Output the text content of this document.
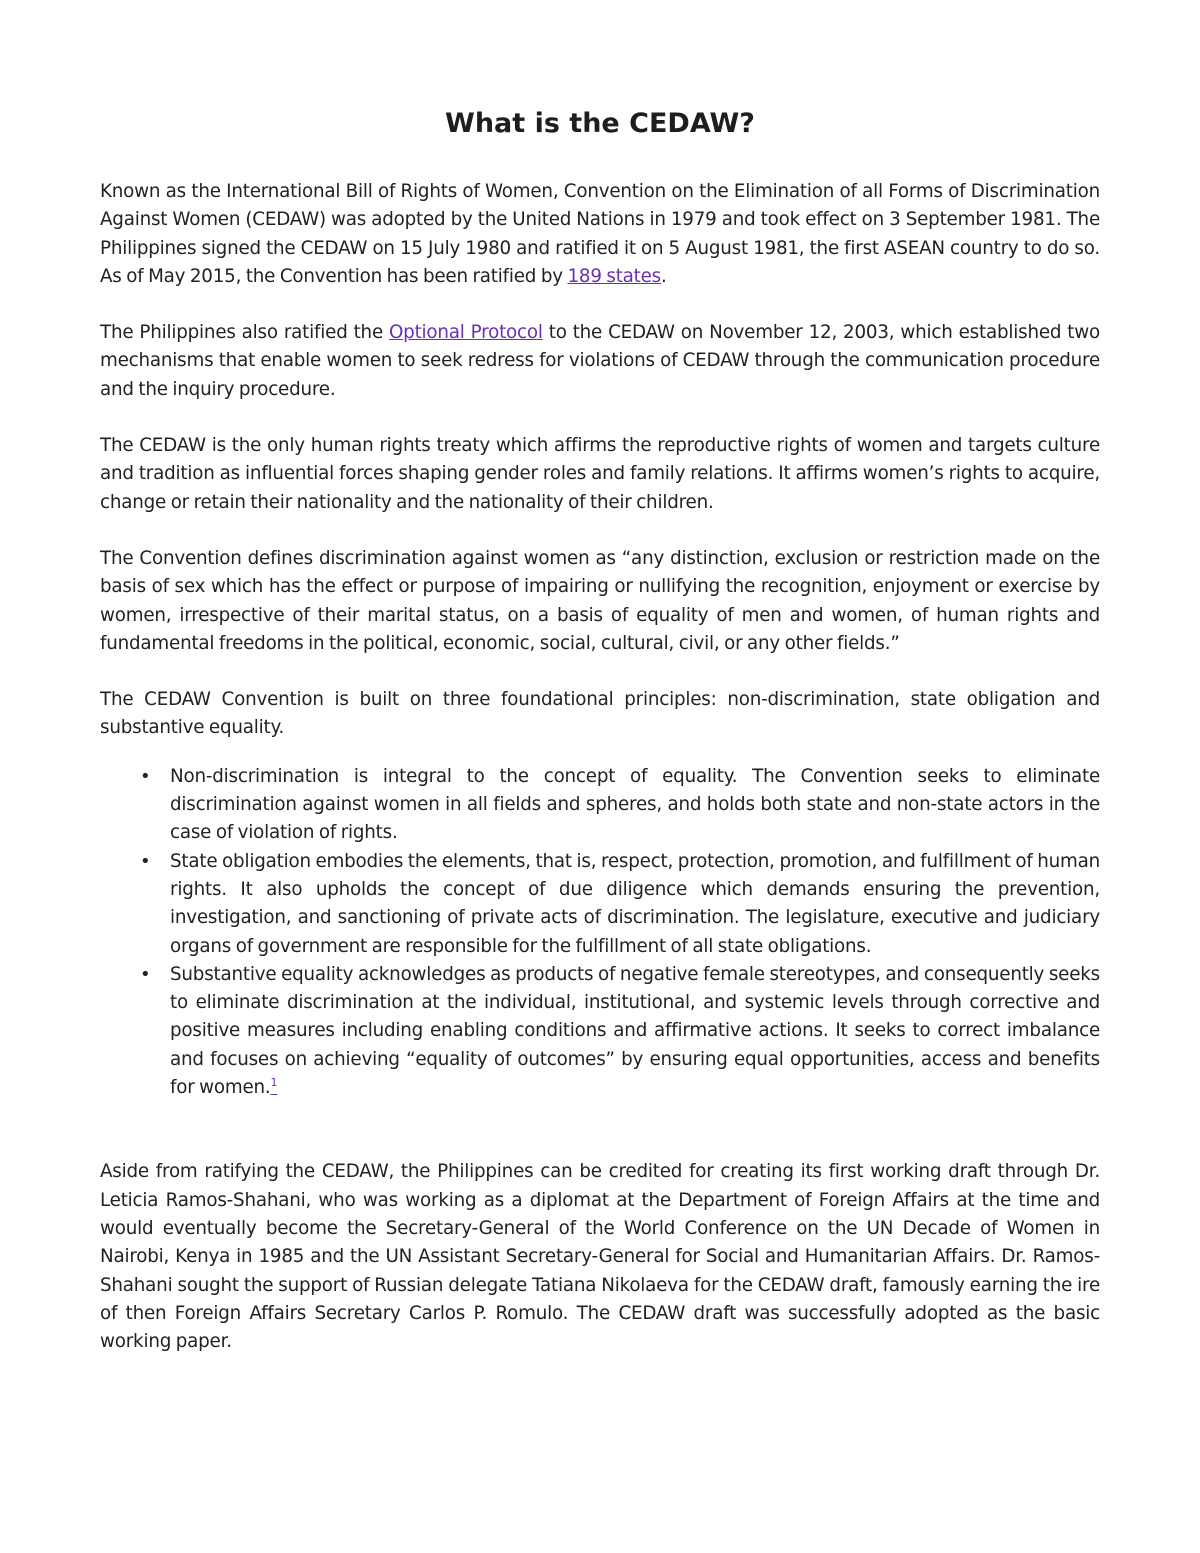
What is the CEDAW?

Known as the International Bill of Rights of Women, Convention on the Elimination of all Forms of Discrimination Against Women (CEDAW) was adopted by the United Nations in 1979 and took effect on 3 September 1981. The Philippines signed the CEDAW on 15 July 1980 and ratified it on 5 August 1981, the first ASEAN country to do so. As of May 2015, the Convention has been ratified by 189 states.

The Philippines also ratified the Optional Protocol to the CEDAW on November 12, 2003, which established two mechanisms that enable women to seek redress for violations of CEDAW through the communication procedure and the inquiry procedure.

The CEDAW is the only human rights treaty which affirms the reproductive rights of women and targets culture and tradition as influential forces shaping gender roles and family relations. It affirms women’s rights to acquire, change or retain their nationality and the nationality of their children.

The Convention defines discrimination against women as “any distinction, exclusion or restriction made on the basis of sex which has the effect or purpose of impairing or nullifying the recognition, enjoyment or exercise by women, irrespective of their marital status, on a basis of equality of men and women, of human rights and fundamental freedoms in the political, economic, social, cultural, civil, or any other fields.”

The CEDAW Convention is built on three foundational principles: non-discrimination, state obligation and substantive equality.

• Non-discrimination is integral to the concept of equality. The Convention seeks to eliminate discrimination against women in all fields and spheres, and holds both state and non-state actors in the case of violation of rights.
• State obligation embodies the elements, that is, respect, protection, promotion, and fulfillment of human rights. It also upholds the concept of due diligence which demands ensuring the prevention, investigation, and sanctioning of private acts of discrimination. The legislature, executive and judiciary organs of government are responsible for the fulfillment of all state obligations.
• Substantive equality acknowledges as products of negative female stereotypes, and consequently seeks to eliminate discrimination at the individual, institutional, and systemic levels through corrective and positive measures including enabling conditions and affirmative actions. It seeks to correct imbalance and focuses on achieving “equality of outcomes” by ensuring equal opportunities, access and benefits for women.$^1$

Aside from ratifying the CEDAW, the Philippines can be credited for creating its first working draft through Dr. Leticia Ramos-Shahani, who was working as a diplomat at the Department of Foreign Affairs at the time and would eventually become the Secretary-General of the World Conference on the UN Decade of Women in Nairobi, Kenya in 1985 and the UN Assistant Secretary-General for Social and Humanitarian Affairs. Dr. Ramos-Shahani sought the support of Russian delegate Tatiana Nikolaeva for the CEDAW draft, famously earning the ire of then Foreign Affairs Secretary Carlos P. Romulo. The CEDAW draft was successfully adopted as the basic working paper.
